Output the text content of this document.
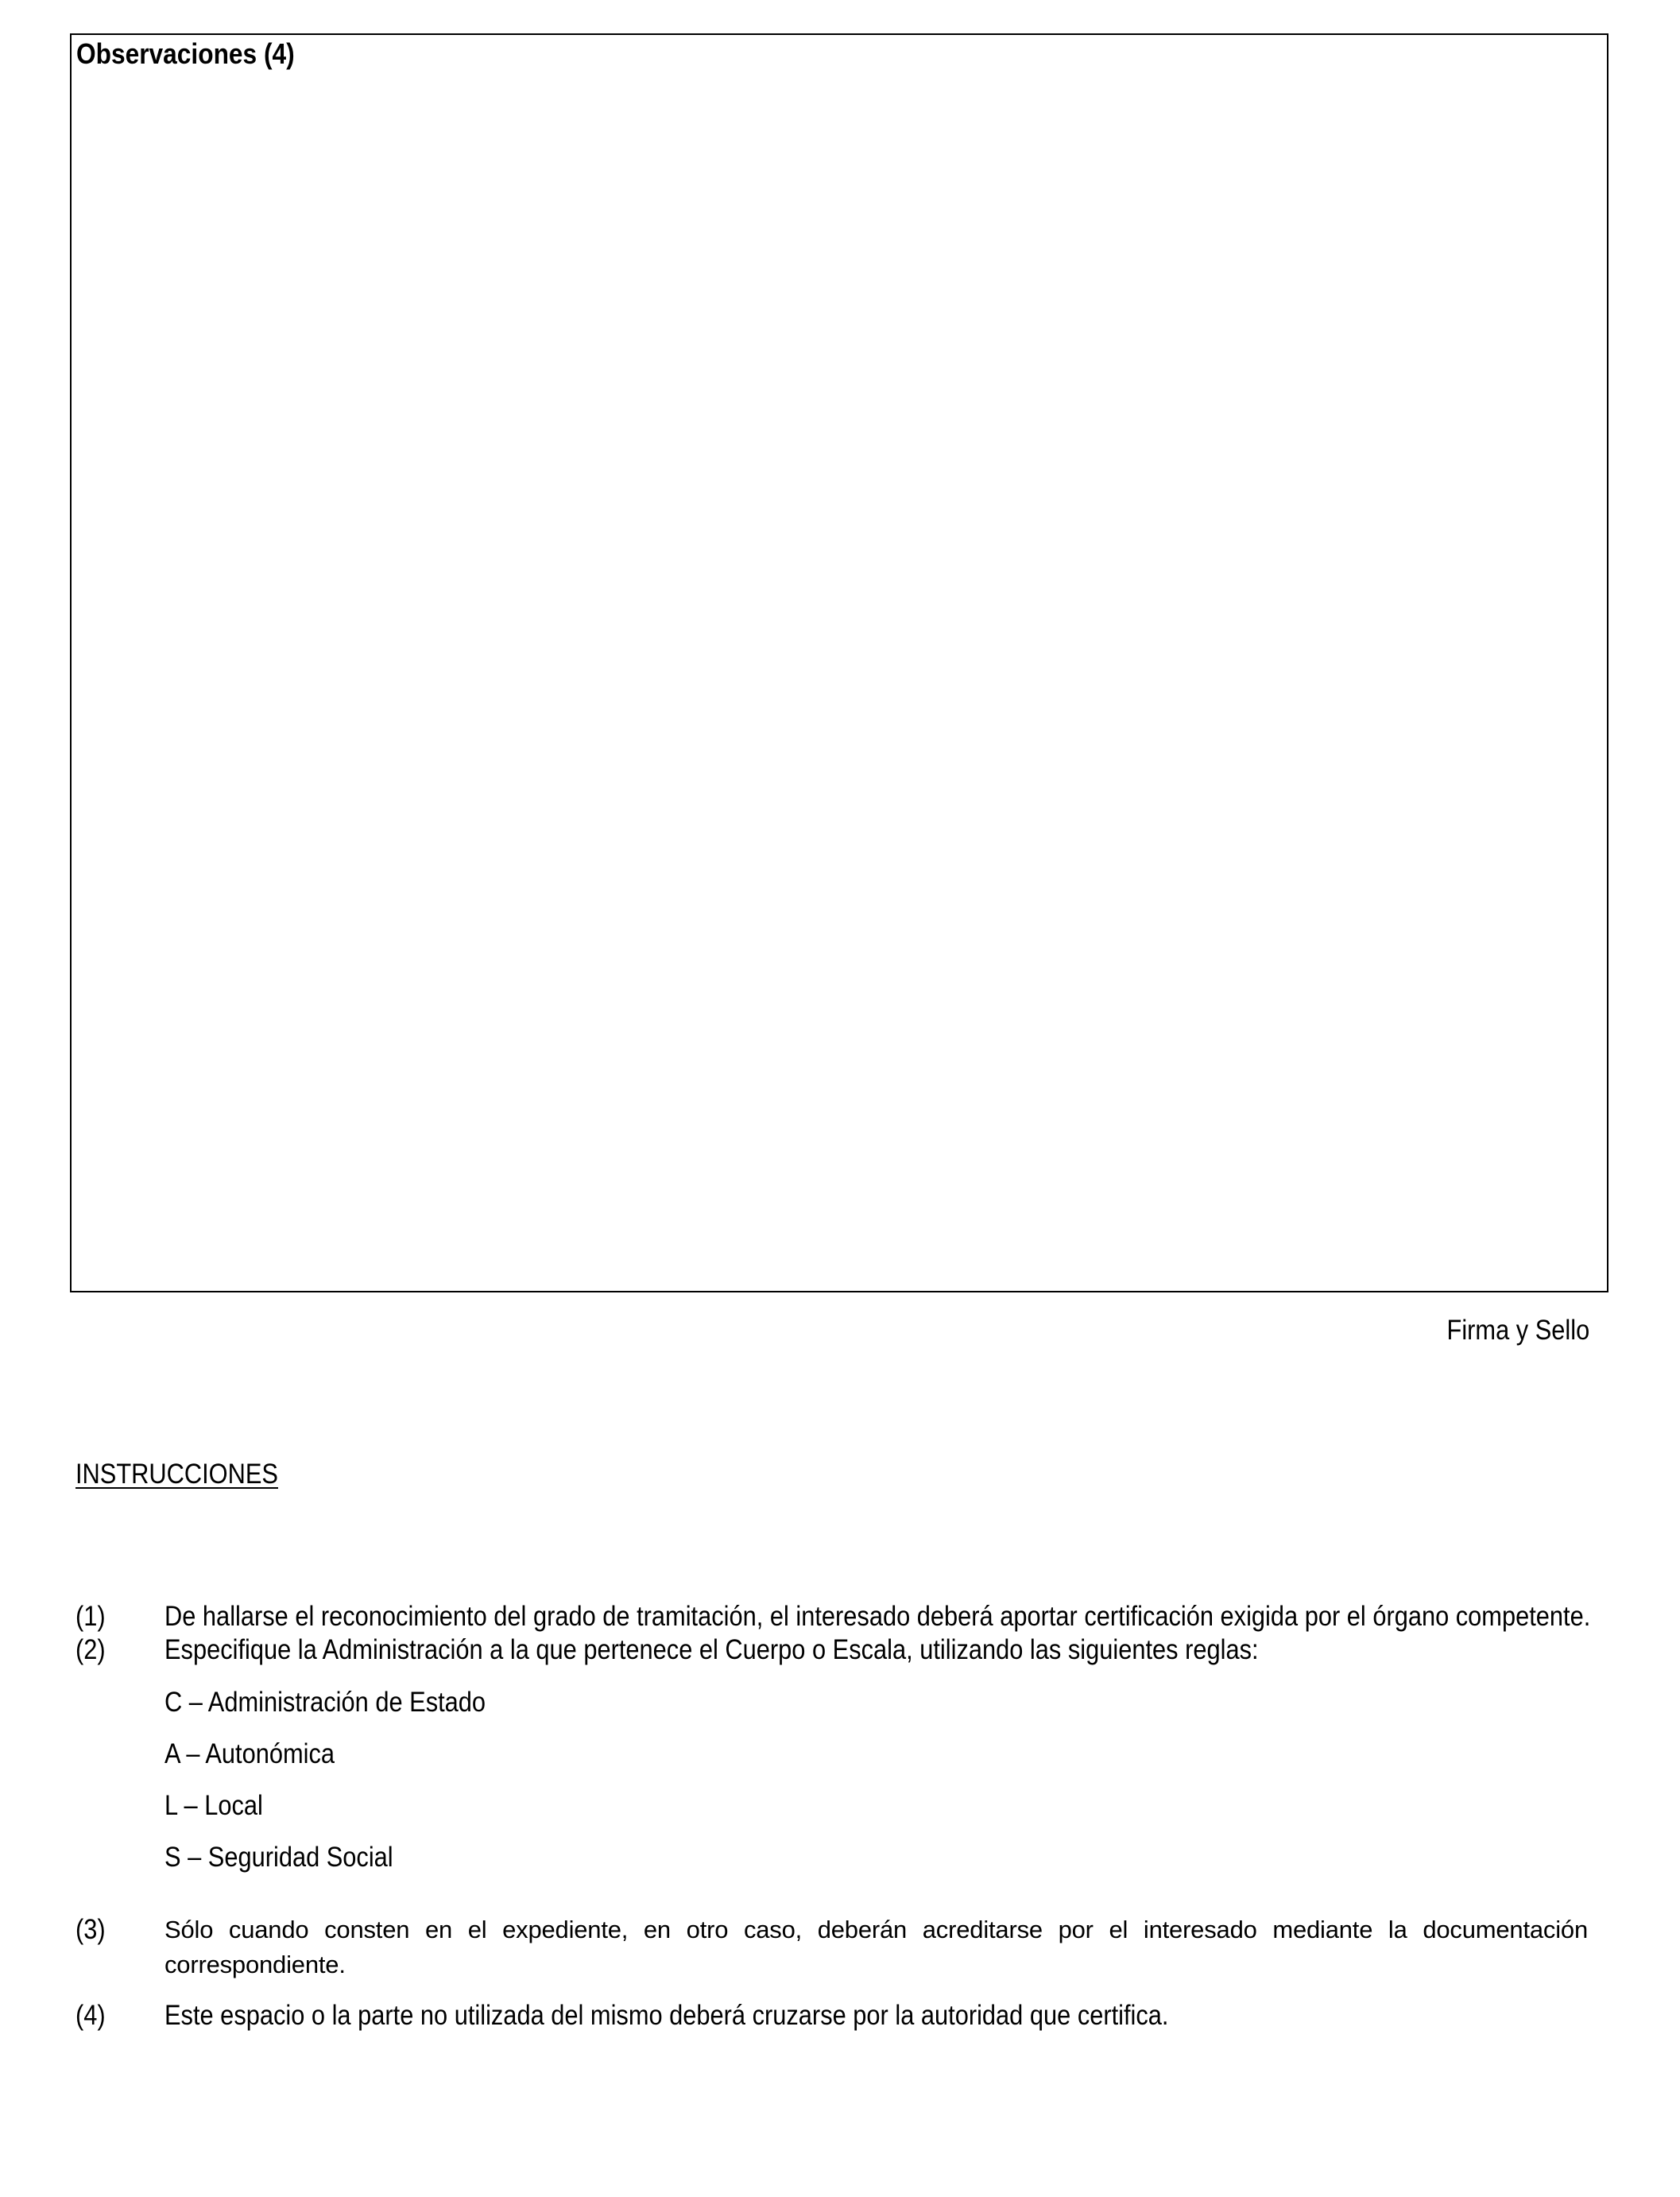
Observaciones (4)
Firma y Sello
INSTRUCCIONES
(1) De hallarse el reconocimiento del grado de tramitación, el interesado deberá aportar certificación exigida por el órgano competente.
(2) Especifique la Administración a la que pertenece el Cuerpo o Escala, utilizando las siguientes reglas:
C – Administración de Estado
A – Autonómica
L – Local
S – Seguridad Social
(3) Sólo cuando consten en el expediente, en otro caso, deberán acreditarse por el interesado mediante la documentación correspondiente.
(4) Este espacio o la parte no utilizada del mismo deberá cruzarse por la autoridad que certifica.
